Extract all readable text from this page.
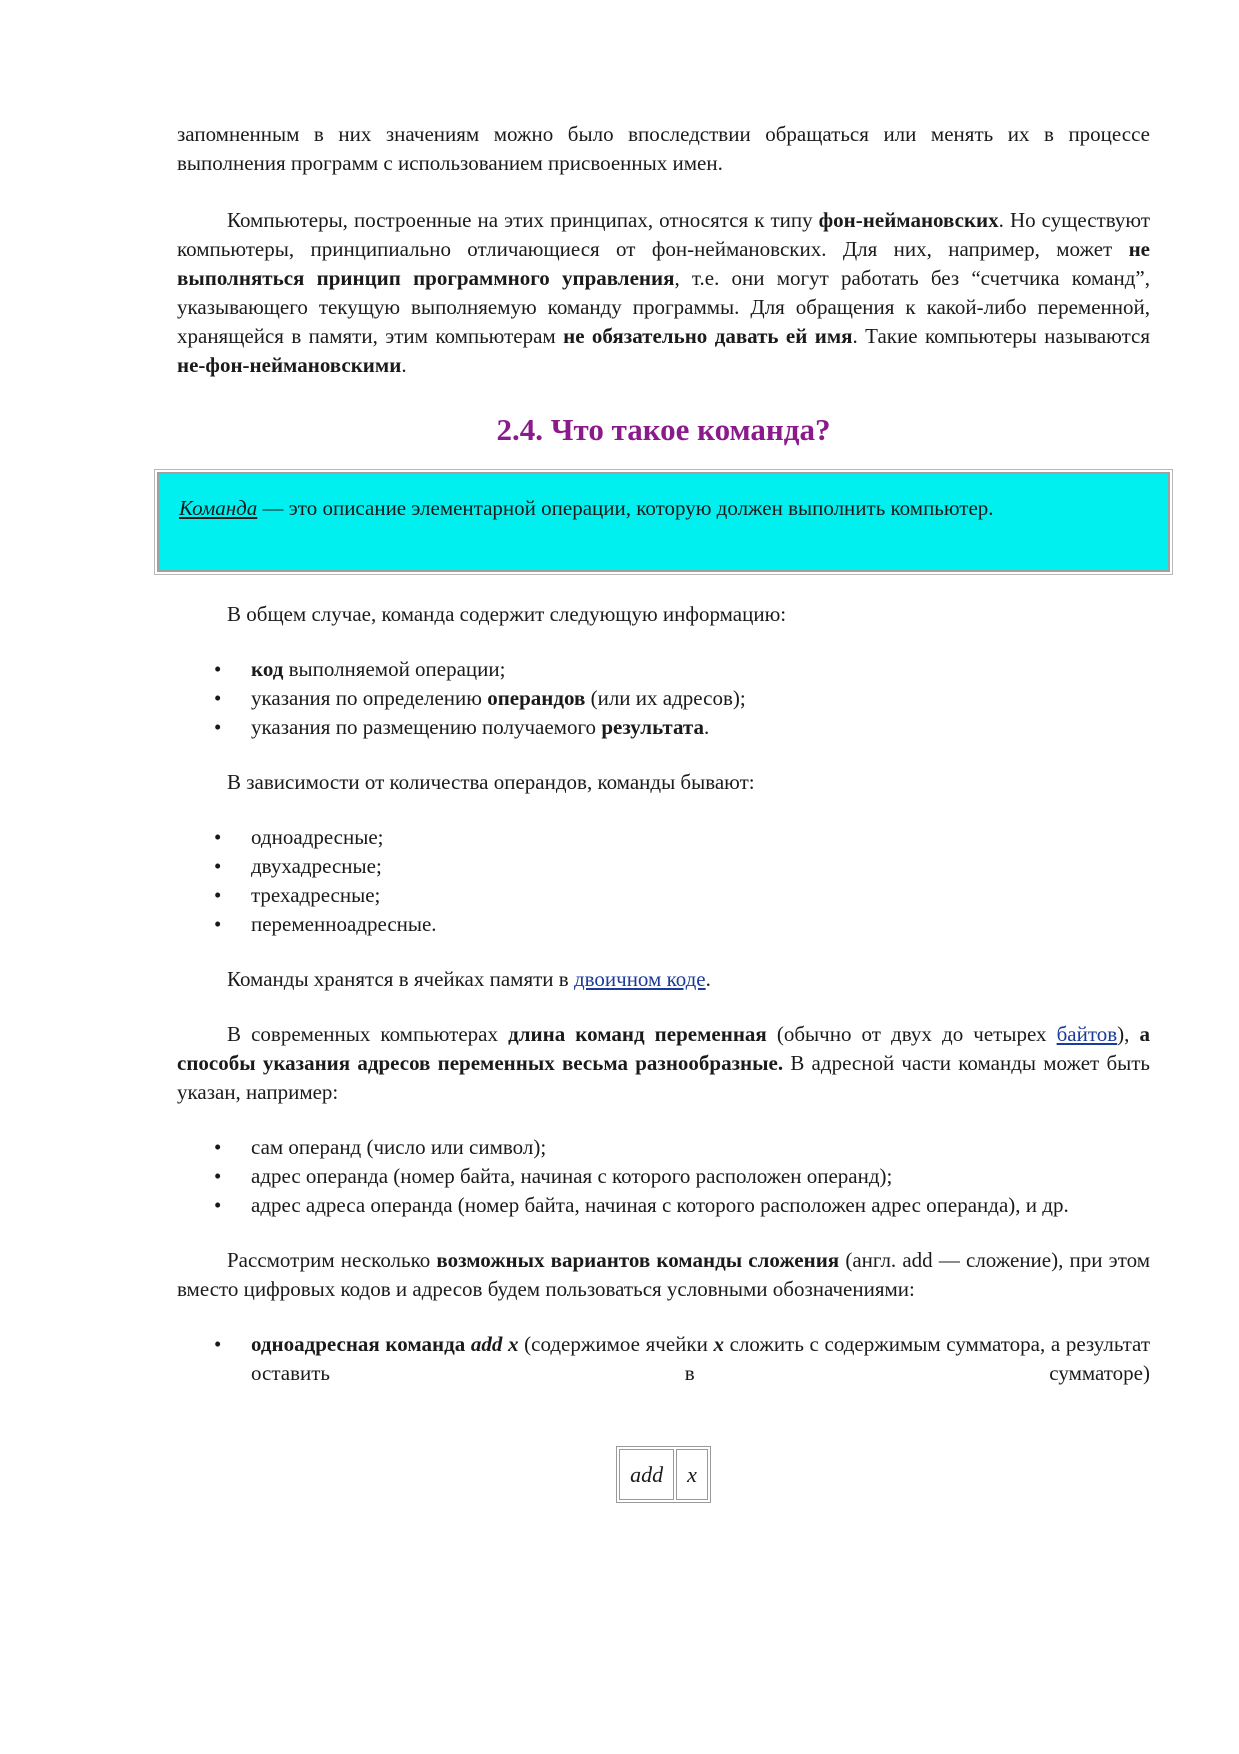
запомненным в них значениям можно было впоследствии обращаться или менять их в процессе выполнения программ с использованием присвоенных имен.

Компьютеры, построенные на этих принципах, относятся к типу фон-неймановских. Но существуют компьютеры, принципиально отличающиеся от фон-неймановских. Для них, например, может не выполняться принцип программного управления, т.е. они могут работать без “счетчика команд”, указывающего текущую выполняемую команду программы. Для обращения к какой-либо переменной, хранящейся в памяти, этим компьютерам не обязательно давать ей имя. Такие компьютеры называются не-фон-неймановскими.

2.4. Что такое команда?

Команда — это описание элементарной операции, которую должен выполнить компьютер.

В общем случае, команда содержит следующую информацию:

• код выполняемой операции;
• указания по определению операндов (или их адресов);
• указания по размещению получаемого результата.

В зависимости от количества операндов, команды бывают:

• одноадресные;
• двухадресные;
• трехадресные;
• переменноадресные.

Команды хранятся в ячейках памяти в двоичном коде.

В современных компьютерах длина команд переменная (обычно от двух до четырех байтов), а способы указания адресов переменных весьма разнообразные. В адресной части команды может быть указан, например:

• сам операнд (число или символ);
• адрес операнда (номер байта, начиная с которого расположен операнд);
• адрес адреса операнда (номер байта, начиная с которого расположен адрес операнда), и др.

Рассмотрим несколько возможных вариантов команды сложения (англ. add — сложение), при этом вместо цифровых кодов и адресов будем пользоваться условными обозначениями:

• одноадресная команда add x (содержимое ячейки x сложить с содержимым сумматора, а результат оставить в сумматоре)
add	x
